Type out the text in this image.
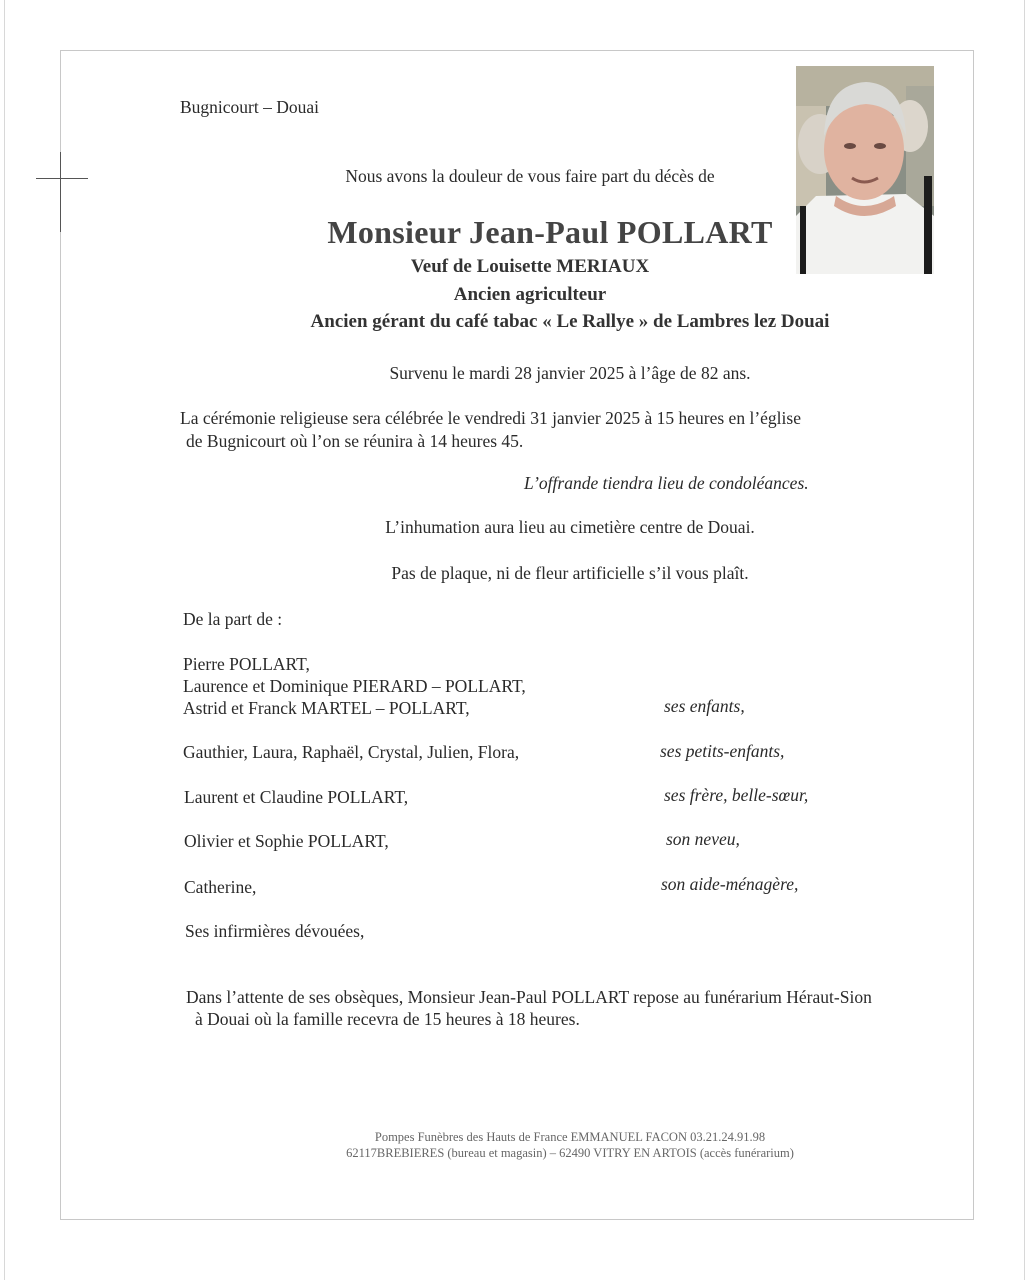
Bugnicourt – Douai
Nous avons la douleur de vous faire part du décès de
Monsieur Jean-Paul POLLART
Veuf de Louisette MERIAUX
Ancien agriculteur
Ancien gérant du café tabac « Le Rallye » de Lambres lez Douai
Survenu le mardi 28 janvier 2025 à l’âge de 82 ans.
La cérémonie religieuse sera célébrée le vendredi 31 janvier 2025 à 15 heures en l’église
de Bugnicourt où l’on se réunira à 14 heures 45.
L’offrande tiendra lieu de condoléances.
L’inhumation aura lieu au cimetière centre de Douai.
Pas de plaque, ni de fleur artificielle s’il vous plaît.
De la part de :
Pierre POLLART,
Laurence et Dominique PIERARD – POLLART,
Astrid et Franck MARTEL – POLLART,	ses enfants,
Gauthier, Laura, Raphaël, Crystal, Julien, Flora,	ses petits-enfants,
Laurent et Claudine POLLART,	ses frère, belle-sœur,
Olivier et Sophie POLLART,	son neveu,
Catherine,	son aide-ménagère,
Ses infirmières dévouées,
Dans l’attente de ses obsèques, Monsieur Jean-Paul POLLART repose au funérarium Héraut-Sion
à Douai où la famille recevra de 15 heures à 18 heures.
Pompes Funèbres des Hauts de France EMMANUEL FACON 03.21.24.91.98
62117BREBIERES (bureau et magasin) – 62490 VITRY EN ARTOIS (accès funérarium)
